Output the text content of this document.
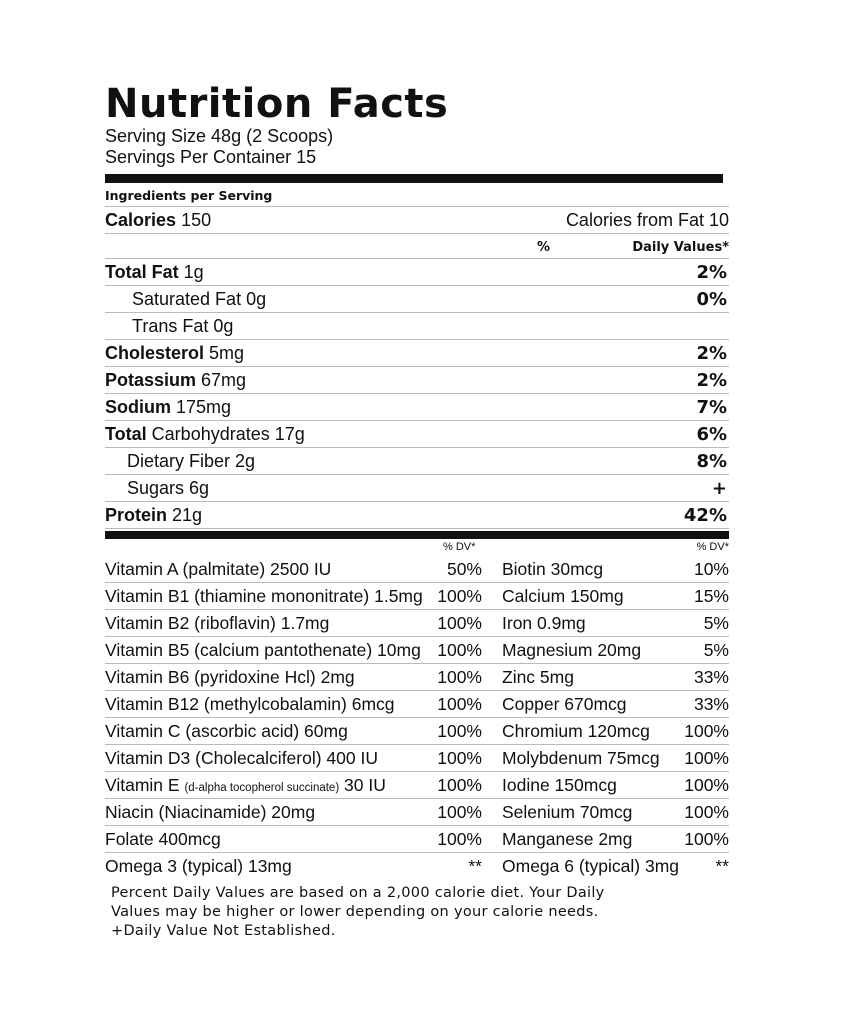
Nutrition Facts
Serving Size 48g (2 Scoops)
Servings Per Container 15
Ingredients per Serving
Calories 150	Calories from Fat 10
%	Daily Values*
Total Fat 1g	2%
Saturated Fat 0g	0%
Trans Fat 0g
Cholesterol 5mg	2%
Potassium 67mg	2%
Sodium 175mg	7%
Total Carbohydrates 17g	6%
Dietary Fiber 2g	8%
Sugars 6g	+
Protein 21g	42%
% DV*	% DV*
Vitamin A (palmitate) 2500 IU	50%	Biotin 30mcg	10%
Vitamin B1 (thiamine mononitrate) 1.5mg 100%	Calcium 150mg	15%
Vitamin B2 (riboflavin) 1.7mg	100%	Iron 0.9mg	5%
Vitamin B5 (calcium pantothenate) 10mg 100%	Magnesium 20mg	5%
Vitamin B6 (pyridoxine Hcl) 2mg	100%	Zinc 5mg	33%
Vitamin B12 (methylcobalamin) 6mcg	100%	Copper 670mcg	33%
Vitamin C (ascorbic acid) 60mg	100%	Chromium 120mcg	100%
Vitamin D3 (Cholecalciferol) 400 IU	100%	Molybdenum 75mcg	100%
Vitamin E (d-alpha tocopherol succinate) 30 IU	100%	Iodine 150mcg	100%
Niacin (Niacinamide) 20mg	100%	Selenium 70mcg	100%
Folate 400mcg	100%	Manganese 2mg	100%
Omega 3 (typical) 13mg	**	Omega 6 (typical) 3mg	**
Percent Daily Values are based on a 2,000 calorie diet. Your Daily
Values may be higher or lower depending on your calorie needs.
+Daily Value Not Established.
